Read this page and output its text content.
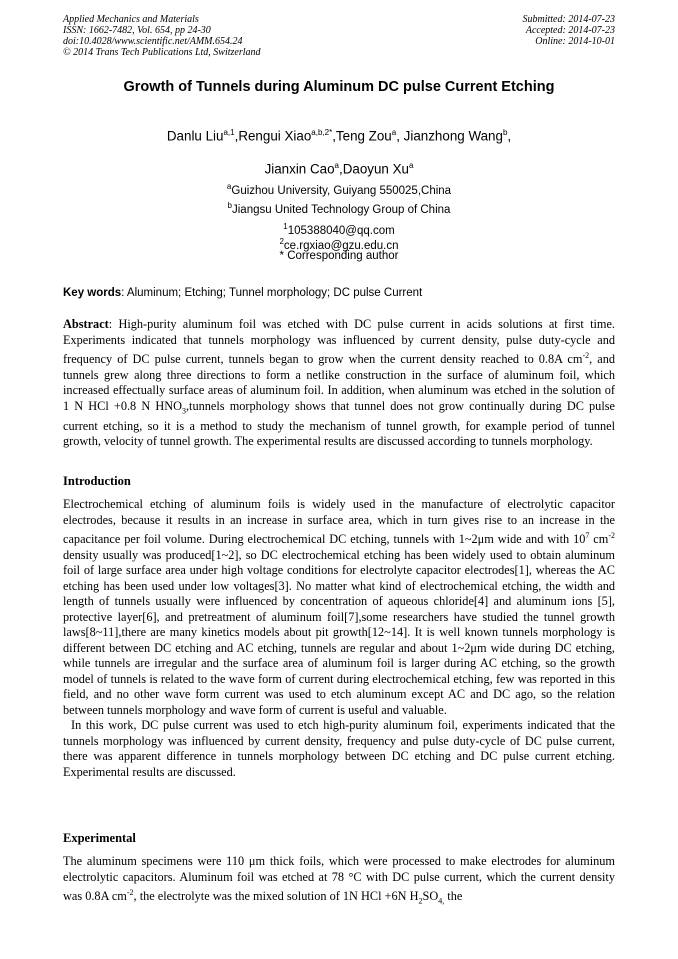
Applied Mechanics and Materials
ISSN: 1662-7482, Vol. 654, pp 24-30
doi:10.4028/www.scientific.net/AMM.654.24
© 2014 Trans Tech Publications Ltd, Switzerland
Submitted: 2014-07-23
Accepted: 2014-07-23
Online: 2014-10-01
Growth of Tunnels during Aluminum DC pulse Current Etching
Danlu Liu$^{a,1}$,Rengui Xiao$^{a,b,2*}$,Teng Zou$^a$, Jianzhong Wang$^b$,
Jianxin Cao$^a$,Daoyun Xu$^a$
$^a$Guizhou University, Guiyang 550025,China
$^b$Jiangsu United Technology Group of China
$^1$105388040@qq.com
$^2$ce.rgxiao@gzu.edu.cn
* Corresponding author
Key words: Aluminum; Etching; Tunnel morphology; DC pulse Current
Abstract: High-purity aluminum foil was etched with DC pulse current in acids solutions at first time. Experiments indicated that tunnels morphology was influenced by current density, pulse duty-cycle and frequency of DC pulse current, tunnels began to grow when the current density reached to 0.8A $cm^{-2}$, and tunnels grew along three directions to form a netlike construction in the surface of aluminum foil, which increased effectually surface areas of aluminum foil. In addition, when aluminum was etched in the solution of 1 N HCl +0.8 N $HNO_3,tunnels$ morphology shows that tunnel does not grow continually during DC pulse current etching, so it is a method to study the mechanism of tunnel growth, for example period of tunnel growth, velocity of tunnel growth. The experimental results are discussed according to tunnels morphology.
Introduction

Electrochemical etching of aluminum foils is widely used in the manufacture of electrolytic capacitor electrodes, because it results in an increase in surface area, which in turn gives rise to an increase in the capacitance per foil volume. During electrochemical DC etching, tunnels with 1~2μm wide and with $10^7$ $cm^{-2}$ density usually was produced[1~2], so DC electrochemical etching has been widely used to obtain aluminum foil of large surface area under high voltage conditions for electrolyte capacitor electrodes[1], whereas the AC etching has been used under low voltages[3]. No matter what kind of electrochemical etching, the width and length of tunnels usually were influenced by concentration of aqueous chloride[4] and aluminum ions [5], protective layer[6], and pretreatment of aluminum foil[7],some researchers have studied the tunnel growth laws[8~11],there are many kinetics models about pit growth[12~14]. It is well known tunnels morphology is different between DC etching and AC etching, tunnels are regular and about 1~2μm wide during DC etching, while tunnels are irregular and the surface area of aluminum foil is larger during AC etching, so the growth model of tunnels is related to the wave form of current during electrochemical etching, few was reported in this field, and no other wave form current was used to etch aluminum except AC and DC ago, so the relation between tunnels morphology and wave form of current is useful and valuable.

In this work, DC pulse current was used to etch high-purity aluminum foil, experiments indicated that the tunnels morphology was influenced by current density, frequency and pulse duty-cycle of DC pulse current, there was apparent difference in tunnels morphology between DC etching and DC pulse current etching. Experimental results are discussed.

Experimental
The aluminum specimens were 110 μm thick foils, which were processed to make electrodes for aluminum electrolytic capacitors. Aluminum foil was etched at 78 °C with DC pulse current, which the current density was 0.8A $cm^{-2}$, the electrolyte was the mixed solution of 1N HCl +6N $H_2SO_{4,}$ the
